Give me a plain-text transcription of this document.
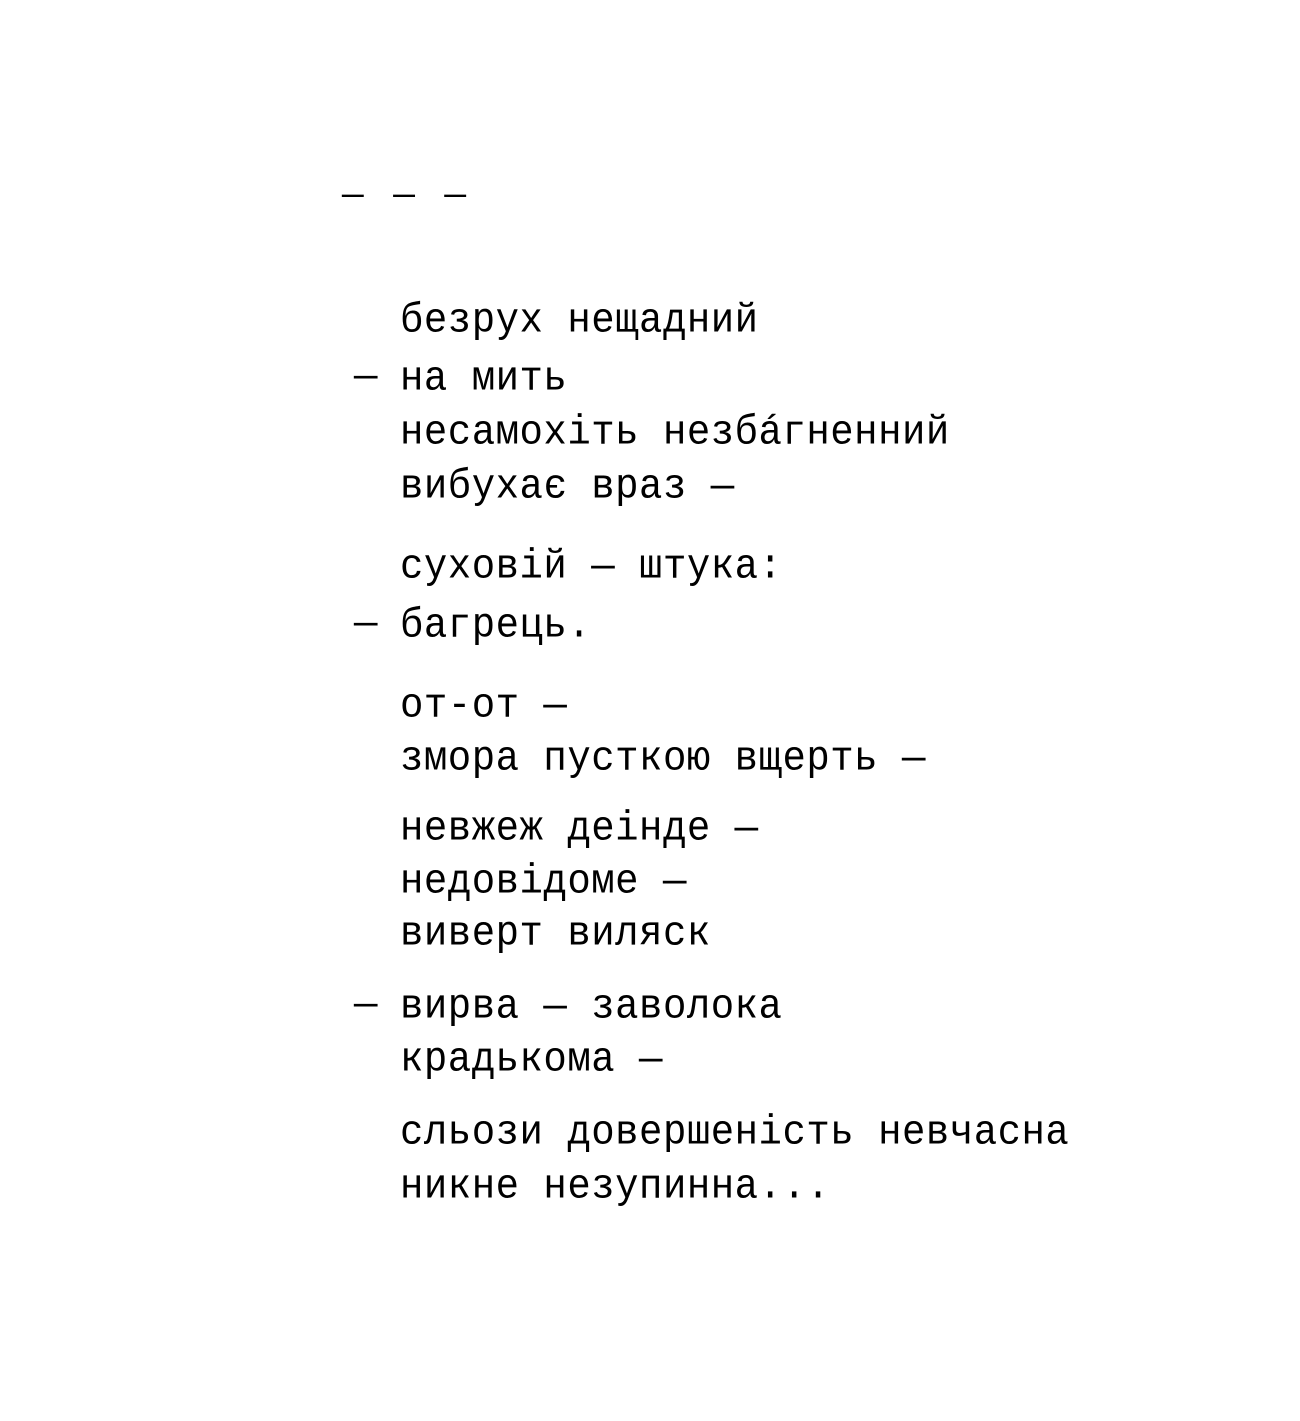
— — —
безрух нещадний
— на мить
несамохіть незбáгненний
вибухає враз —
суховій — штука:
— багрець.
от-от —
змора пусткою вщерть —
невжеж деінде —
недовідоме —
виверт виляск
— вирва — заволока
крадькома —
сльози довершеність невчасна
никне незупинна...
